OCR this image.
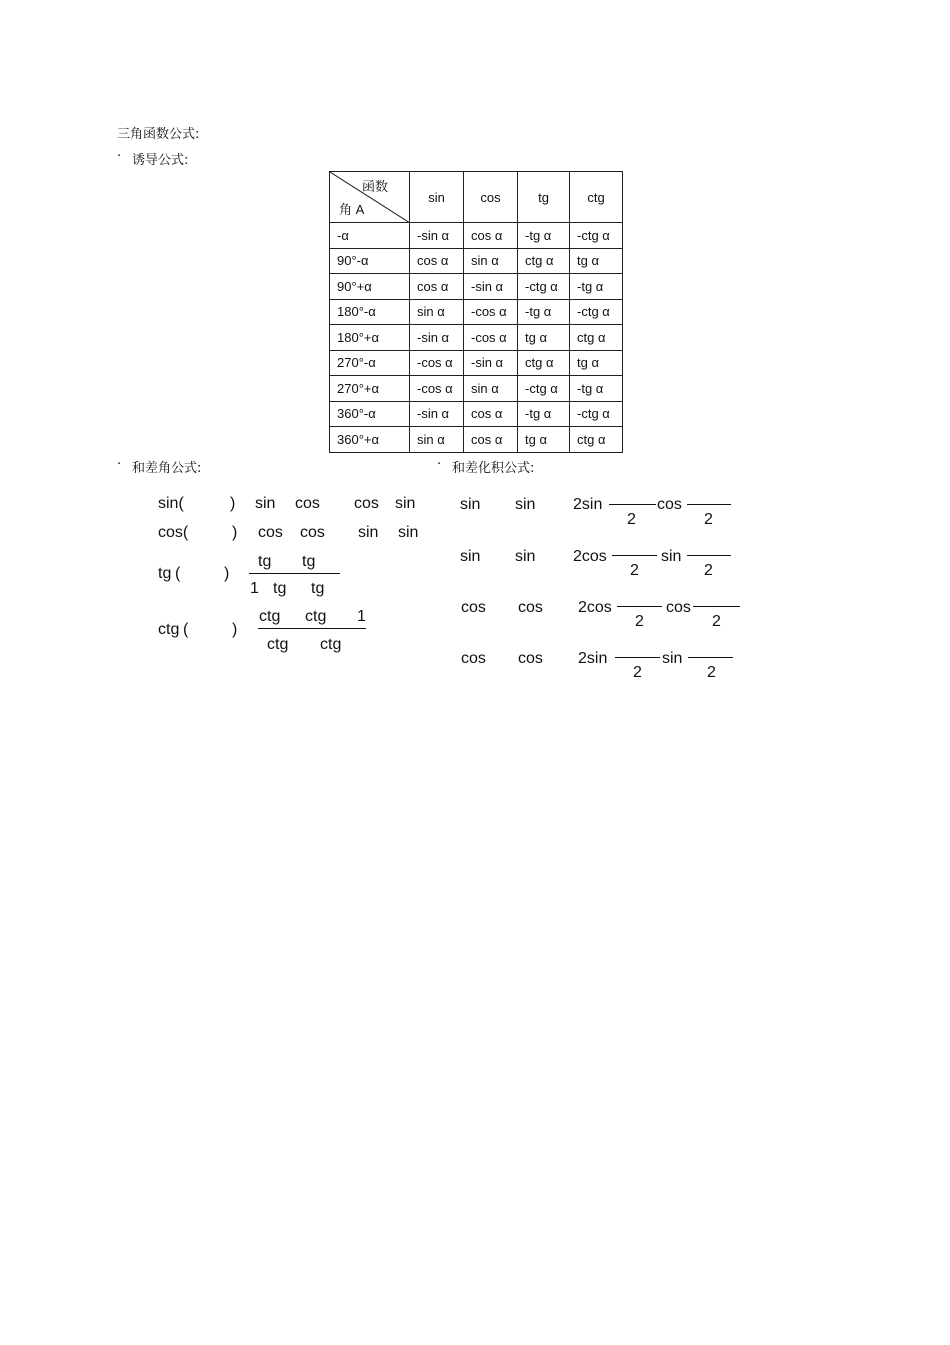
三角函数公式:
· 诱导公式:
函数
角 A	sin	cos	tg	ctg
-α	-sin α	cos α	-tg α	-ctg α
90°-α	cos α	sin α	ctg α	tg α
90°+α	cos α	-sin α	-ctg α	-tg α
180°-α	sin α	-cos α	-tg α	-ctg α
180°+α	-sin α	-cos α	tg α	ctg α
270°-α	-cos α	-sin α	ctg α	tg α
270°+α	-cos α	sin α	-ctg α	-tg α
360°-α	-sin α	cos α	-tg α	-ctg α
360°+α	sin α	cos α	tg α	ctg α
· 和差角公式:	· 和差化积公式:
sin(	) sin cos cos sin
cos(	) cos cos sin sin
tg (	)
tg tg
1 tg tg
ctg (	)
ctg ctg 1
ctg ctg
sin sin 2sin	cos
2	2
sin sin 2cos	sin
2	2
cos cos 2cos	cos
2	2
cos cos 2sin	sin
2	2
